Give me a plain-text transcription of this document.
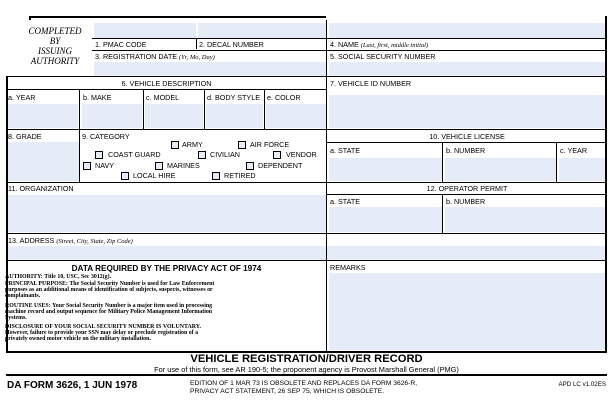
COMPLETED
BY
ISSUING
AUTHORITY
1. PMAC CODE	2. DECAL NUMBER
3. REGISTRATION DATE (Yr, Mo, Day)
4. NAME (Last, first, middle initial)
5. SOCIAL SECURITY NUMBER
6. VEHICLE DESCRIPTION	7. VEHICLE ID NUMBER
a. YEAR	b. MAKE	c. MODEL	d. BODY STYLE e. COLOR
8. GRADE	9. CATEGORY	10. VEHICLE LICENSE
a. STATE	b. NUMBER	c. YEAR
11. ORGANIZATION	12. OPERATOR PERMIT
a. STATE	b. NUMBER
13. ADDRESS (Street, City, State, Zip Code)
REMARKS
ARMY	AIR FORCE
COAST GUARD	CIVILIAN	VENDOR
NAVY	MARINES	DEPENDENT
LOCAL HIRE	RETIRED
DATA REQUIRED BY THE PRIVACY ACT OF 1974
AUTHORITY: Title 10, USC, Sec 3012(g).
PRINCIPAL PURPOSE: The Social Security Number is used for Law Enforcement
purposes as an additional means of identification of subjects, suspects, witnesses or
complainants.
ROUTINE USES: Your Social Security Number is a major item used in processing
machine record and output sequence for Military Police Management Information
Systems.
DISCLOSURE OF YOUR SOCIAL SECURITY NUMBER IS VOLUNTARY.
However, failure to provide your SSN may delay or preclude registration of a
privately owned motor vehicle on the military installation.
VEHICLE REGISTRATION/DRIVER RECORD
For use of this form, see AR 190-5; the proponent agency is Provost Marshall General (PMG)
DA FORM 3626, 1 JUN 1978	EDITION OF 1 MAR 73 IS OBSOLETE AND REPLACES DA FORM 3626-R,
PRIVACY ACT STATEMENT, 26 SEP 75, WHICH IS OBSOLETE.
APD LC v1.02ES
